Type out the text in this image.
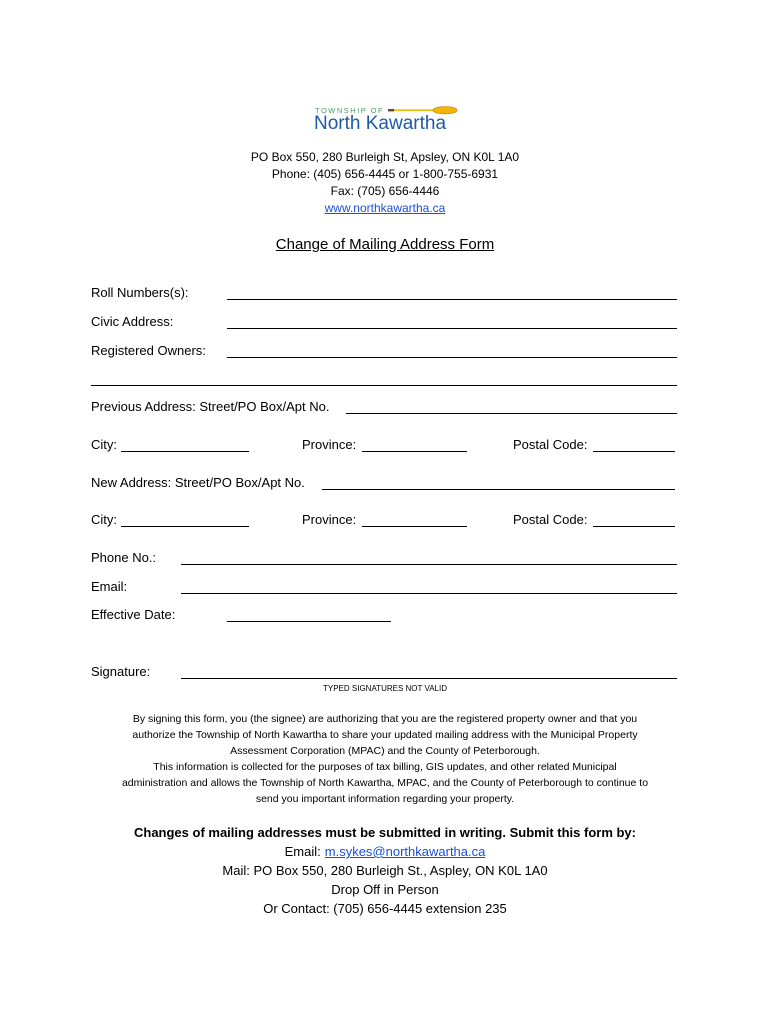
TOWNSHIP OF
North Kawartha
PO Box 550, 280 Burleigh St, Apsley, ON K0L 1A0
Phone: (405) 656-4445 or 1-800-755-6931
Fax: (705) 656-4446
www.northkawartha.ca
Change of Mailing Address Form
Roll Numbers(s):
Civic Address:
Registered Owners:
Previous Address: Street/PO Box/Apt No.
City:	Province:	Postal Code:
New Address: Street/PO Box/Apt No.
City:	Province:	Postal Code:
Phone No.:
Email:
Effective Date:
Signature:
TYPED SIGNATURES NOT VALID
By signing this form, you (the signee) are authorizing that you are the registered property owner and that you
authorize the Township of North Kawartha to share your updated mailing address with the Municipal Property
Assessment Corporation (MPAC) and the County of Peterborough.
This information is collected for the purposes of tax billing, GIS updates, and other related Municipal
administration and allows the Township of North Kawartha, MPAC, and the County of Peterborough to continue to
send you important information regarding your property.
Changes of mailing addresses must be submitted in writing. Submit this form by:
Email: m.sykes@northkawartha.ca
Mail: PO Box 550, 280 Burleigh St., Aspley, ON K0L 1A0
Drop Off in Person
Or Contact: (705) 656-4445 extension 235
